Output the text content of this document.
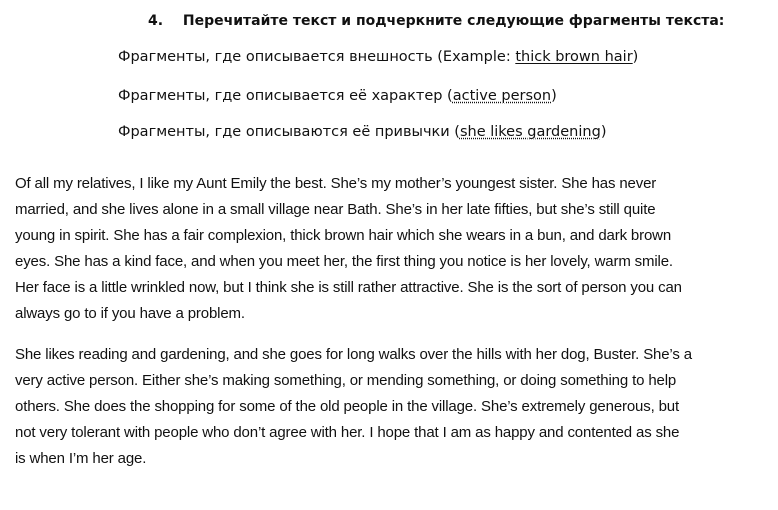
4. Перечитайте текст и подчеркните следующие фрагменты текста:
Фрагменты, где описывается внешность (Example: thick brown hair)
Фрагменты, где описывается её характер (active person)
Фрагменты, где описываются её привычки (she likes gardening)
Of all my relatives, I like my Aunt Emily the best. She’s my mother’s youngest sister. She has never
married, and she lives alone in a small village near Bath. She’s in her late fifties, but she’s still quite
young in spirit. She has a fair complexion, thick brown hair which she wears in a bun, and dark brown
eyes. She has a kind face, and when you meet her, the first thing you notice is her lovely, warm smile.
Her face is a little wrinkled now, but I think she is still rather attractive. She is the sort of person you can
always go to if you have a problem.
She likes reading and gardening, and she goes for long walks over the hills with her dog, Buster. She’s a
very active person. Either she’s making something, or mending something, or doing something to help
others. She does the shopping for some of the old people in the village. She’s extremely generous, but
not very tolerant with people who don’t agree with her. I hope that I am as happy and contented as she
is when I’m her age.
